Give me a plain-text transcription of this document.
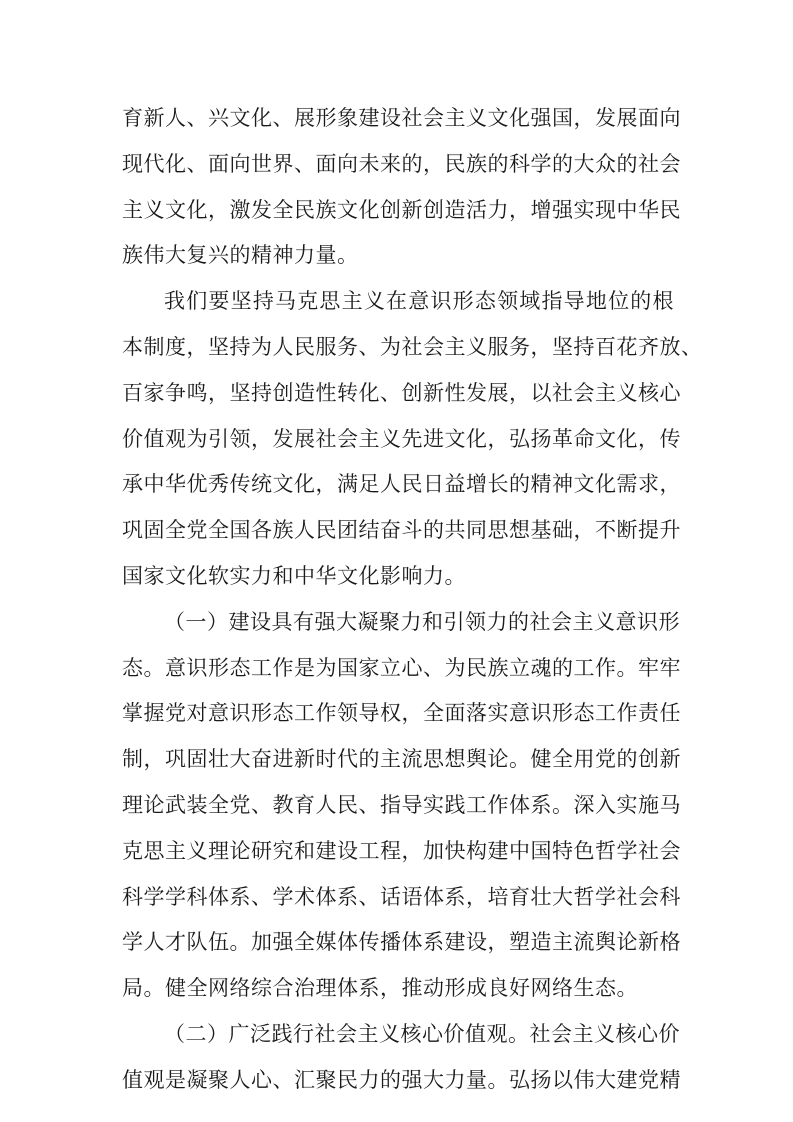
育新人、兴文化、展形象建设社会主义文化强国，发展面向
现代化、面向世界、面向未来的，民族的科学的大众的社会
主义文化，激发全民族文化创新创造活力，增强实现中华民
族伟大复兴的精神力量。
我们要坚持马克思主义在意识形态领域指导地位的根
本制度，坚持为人民服务、为社会主义服务，坚持百花齐放、
百家争鸣，坚持创造性转化、创新性发展，以社会主义核心
价值观为引领，发展社会主义先进文化，弘扬革命文化，传
承中华优秀传统文化，满足人民日益增长的精神文化需求，
巩固全党全国各族人民团结奋斗的共同思想基础，不断提升
国家文化软实力和中华文化影响力。
（一）建设具有强大凝聚力和引领力的社会主义意识形
态。意识形态工作是为国家立心、为民族立魂的工作。牢牢
掌握党对意识形态工作领导权，全面落实意识形态工作责任
制，巩固壮大奋进新时代的主流思想舆论。健全用党的创新
理论武装全党、教育人民、指导实践工作体系。深入实施马
克思主义理论研究和建设工程，加快构建中国特色哲学社会
科学学科体系、学术体系、话语体系，培育壮大哲学社会科
学人才队伍。加强全媒体传播体系建设，塑造主流舆论新格
局。健全网络综合治理体系，推动形成良好网络生态。
（二）广泛践行社会主义核心价值观。社会主义核心价
值观是凝聚人心、汇聚民力的强大力量。弘扬以伟大建党精
